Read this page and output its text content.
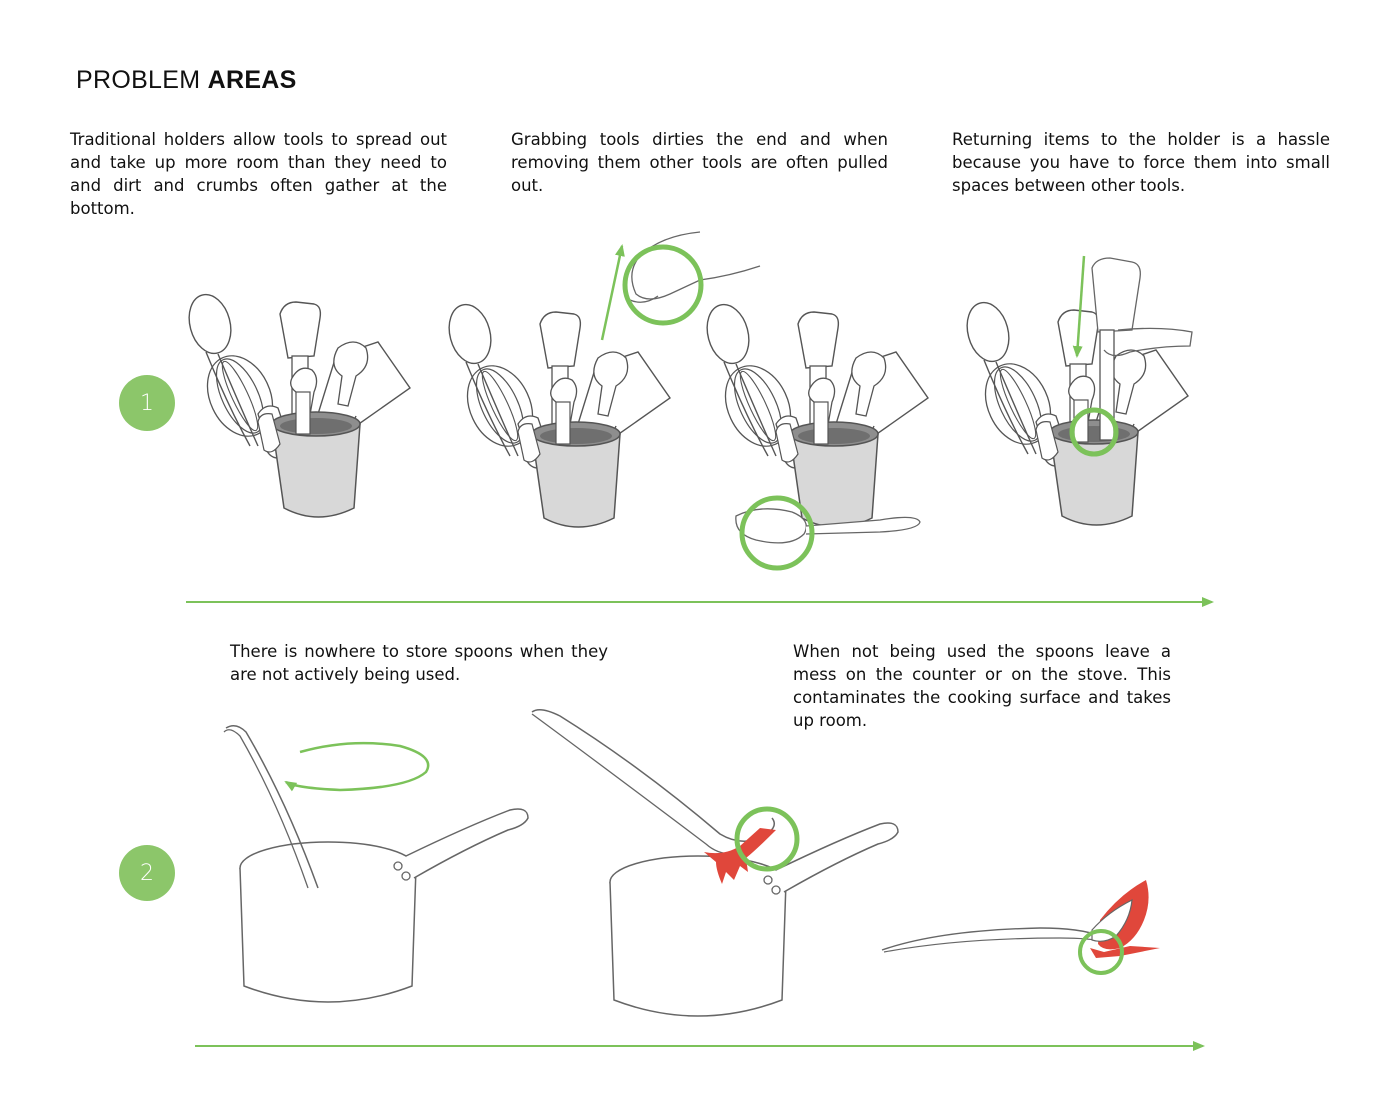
PROBLEM AREAS
Traditional holders allow tools to spread out and take up more room than they need to and dirt and crumbs often gather at the bottom.
Grabbing tools dirties the end and when removing them other tools are often pulled out.
Returning items to the holder is a hassle because you have to force them into small spaces between other tools.
There is nowhere to store spoons when they are not actively being used.
When not being used the spoons leave a mess on the counter or on the stove. This contaminates the cooking surface and takes up room.
1
2
